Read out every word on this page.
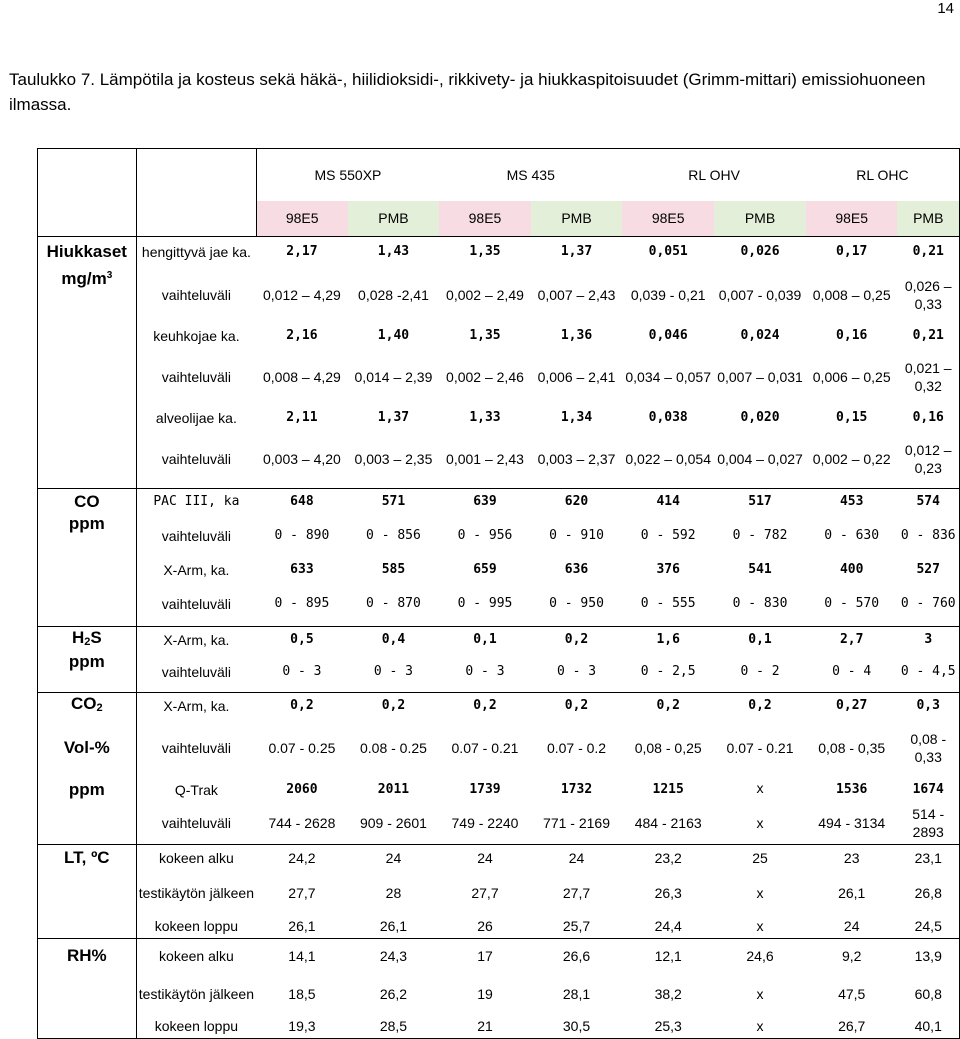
14
Taulukko 7. Lämpötila ja kosteus sekä häkä-, hiilidioksidi-, rikkivety- ja hiukkaspitoisuudet (Grimm-mittari) emissiohuoneen ilmassa.
		MS 550XP		MS 435		RL OHV		RL OHC	
		98E5	PMB	98E5	PMB	98E5	PMB	98E5	PMB
Hiukkaset	hengittyvä jae ka.	2,17	1,43	1,35	1,37	0,051	0,026	0,17	0,21
$mg/m^3$	vaihteluväli	0,012 – 4,29	0,028 -2,41	0,002 – 2,49	0,007 – 2,43	0,039 - 0,21	0,007 - 0,039	0,008 – 0,25	0,026 – 0,33
	keuhkojae ka.	2,16	1,40	1,35	1,36	0,046	0,024	0,16	0,21
	vaihteluväli	0,008 – 4,29	0,014 – 2,39	0,002 – 2,46	0,006 – 2,41	0,034 – 0,057	0,007 – 0,031	0,006 – 0,25	0,021 – 0,32
	alveolijae ka.	2,11	1,37	1,33	1,34	0,038	0,020	0,15	0,16
	vaihteluväli	0,003 – 4,20	0,003 – 2,35	0,001 – 2,43	0,003 – 2,37	0,022 – 0,054	0,004 – 0,027	0,002 – 0,22	0,012 – 0,23
CO	PAC III, ka	648	571	639	620	414	517	453	574
ppm	vaihteluväli	0 - 890	0 - 856	0 - 956	0 - 910	0 - 592	0 - 782	0 - 630	0 - 836
	X-Arm, ka.	633	585	659	636	376	541	400	527
	vaihteluväli	0 - 895	0 - 870	0 - 995	0 - 950	0 - 555	0 - 830	0 - 570	0 - 760
H2S	X-Arm, ka.	0,5	0,4	0,1	0,2	1,6	0,1	2,7	3
ppm	vaihteluväli	0 - 3	0 - 3	0 - 3	0 - 3	0 - 2,5	0 - 2	0 - 4	0 - 4,5
CO2	X-Arm, ka.	0,2	0,2	0,2	0,2	0,2	0,2	0,27	0,3
Vol-%	vaihteluväli	0.07 - 0.25	0.08 - 0.25	0.07 - 0.21	0.07 - 0.2	0,08 - 0,25	0.07 - 0.21	0,08 - 0,35	0,08 - 0,33
ppm	Q-Trak	2060	2011	1739	1732	1215	x	1536	1674
	vaihteluväli	744 - 2628	909 - 2601	749 - 2240	771 - 2169	484 - 2163	x	494 - 3134	514 - 2893
LT, ºC	kokeen alku	24,2	24	24	24	23,2	25	23	23,1
	testikäytön jälkeen	27,7	28	27,7	27,7	26,3	x	26,1	26,8
	kokeen loppu	26,1	26,1	26	25,7	24,4	x	24	24,5
RH%	kokeen alku	14,1	24,3	17	26,6	12,1	24,6	9,2	13,9
	testikäytön jälkeen	18,5	26,2	19	28,1	38,2	x	47,5	60,8
	kokeen loppu	19,3	28,5	21	30,5	25,3	x	26,7	40,1
